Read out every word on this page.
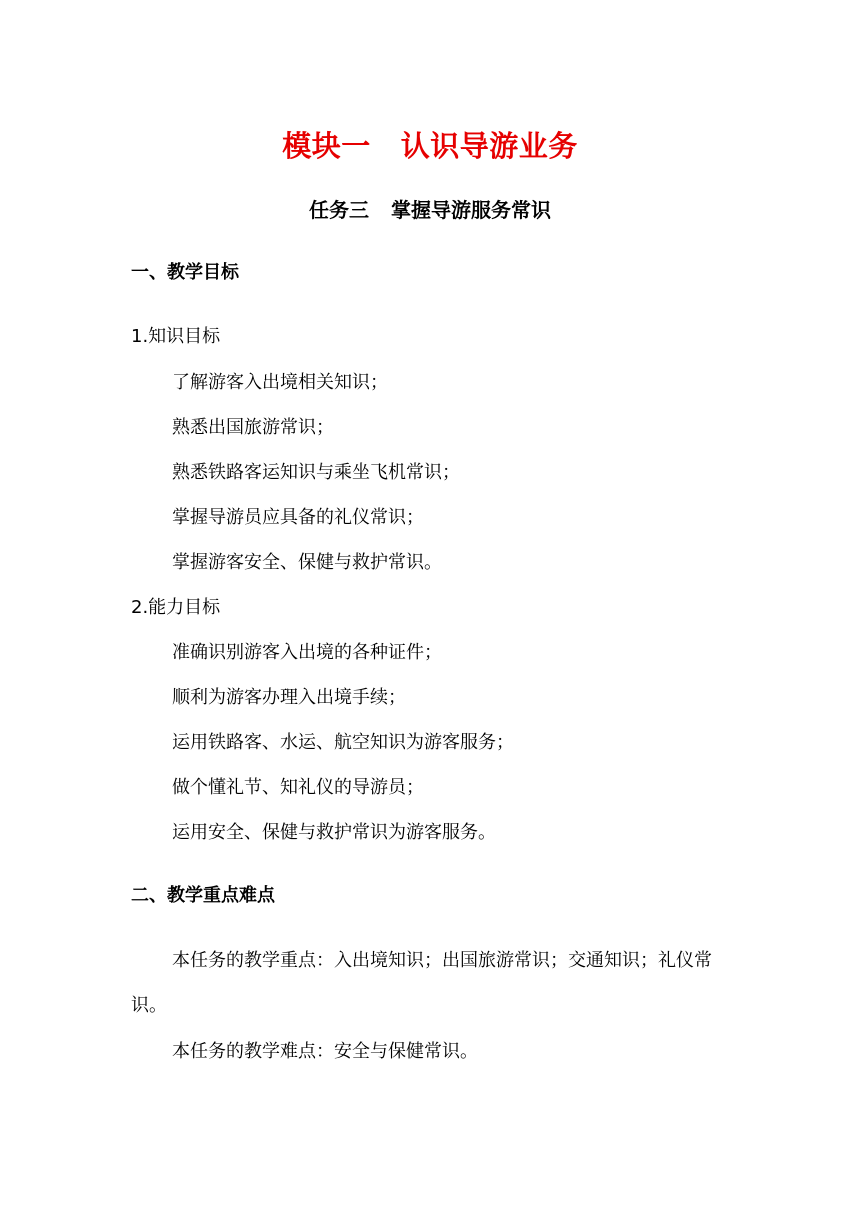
模块一 认识导游业务
任务三 掌握导游服务常识
一、教学目标
1.知识目标
了解游客入出境相关知识；
熟悉出国旅游常识；
熟悉铁路客运知识与乘坐飞机常识；
掌握导游员应具备的礼仪常识；
掌握游客安全、保健与救护常识。
2.能力目标
准确识别游客入出境的各种证件；
顺利为游客办理入出境手续；
运用铁路客、水运、航空知识为游客服务；
做个懂礼节、知礼仪的导游员；
运用安全、保健与救护常识为游客服务。
二、教学重点难点
本任务的教学重点：入出境知识；出国旅游常识；交通知识；礼仪常识。
本任务的教学难点：安全与保健常识。
